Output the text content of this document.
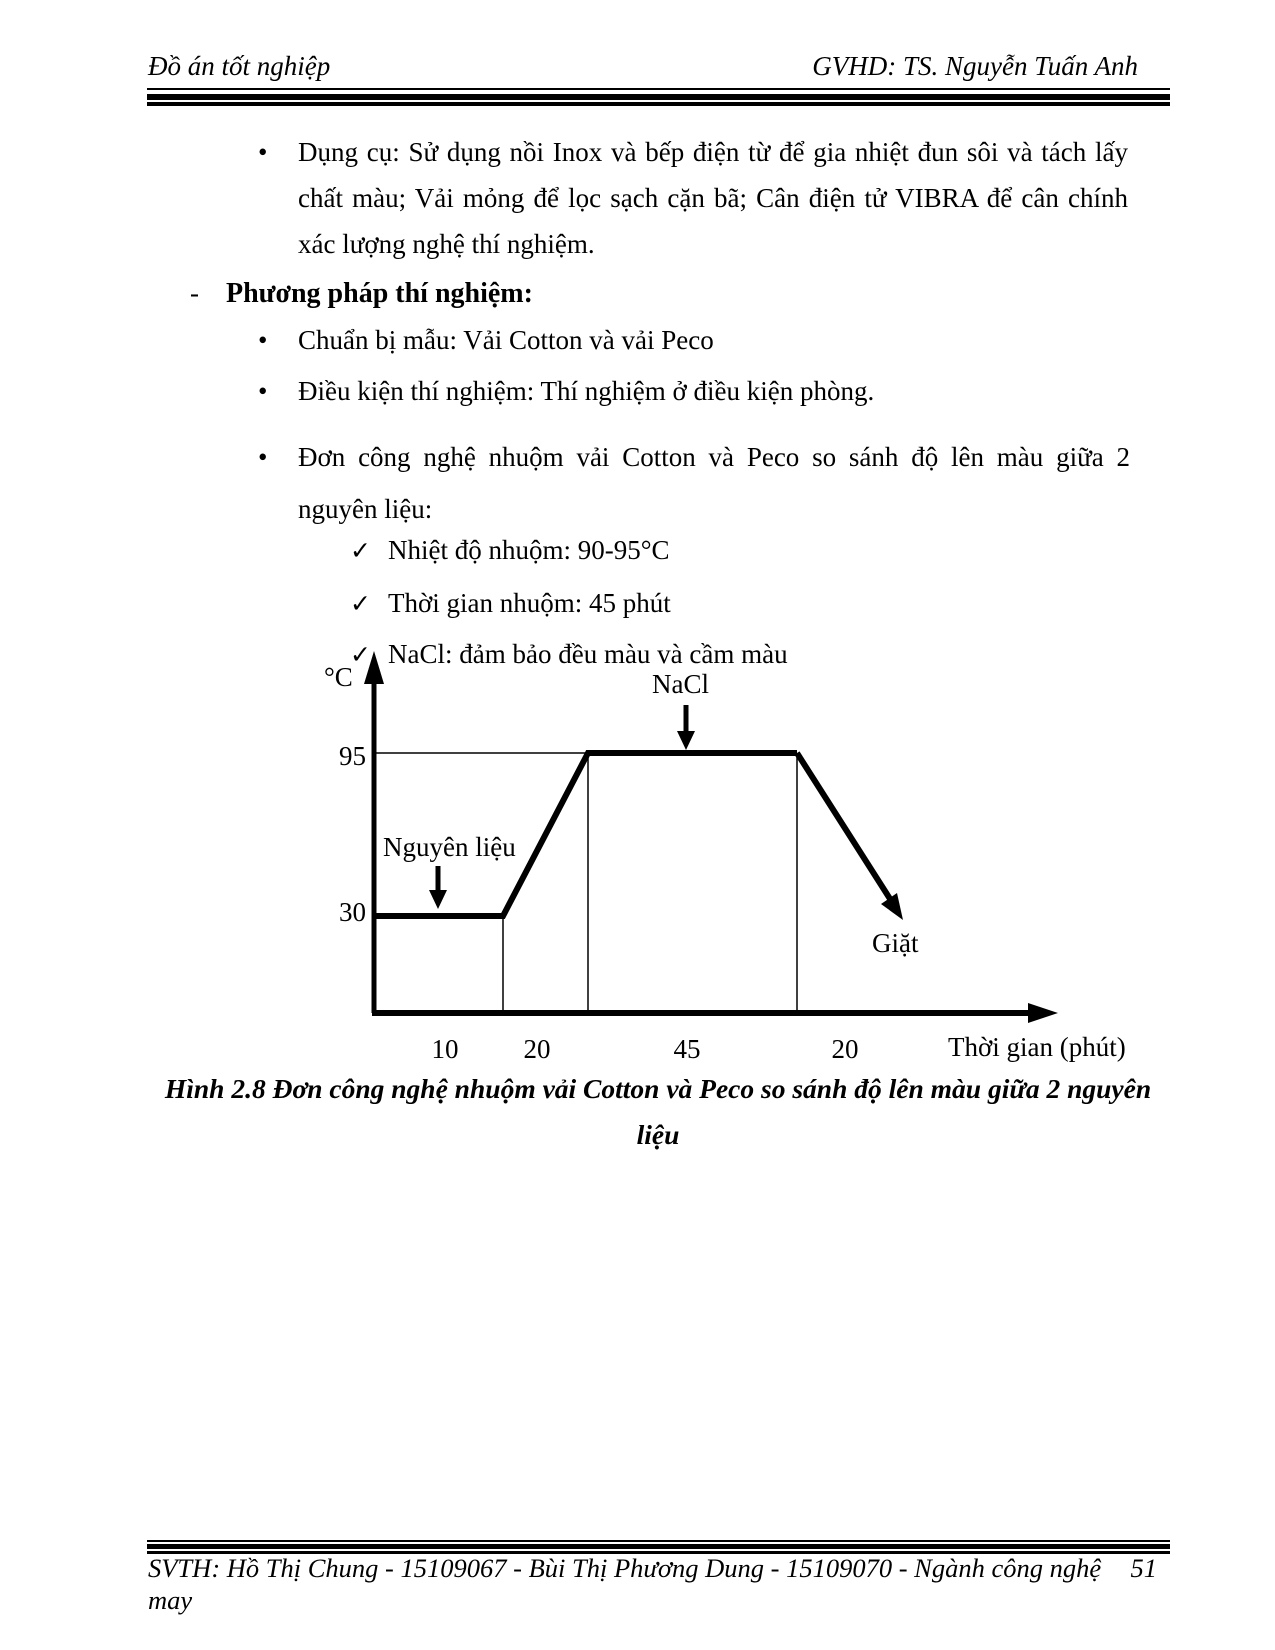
Đồ án tốt nghiệp	GVHD: TS. Nguyễn Tuấn Anh
•	Dụng cụ: Sử dụng nồi Inox và bếp điện từ để gia nhiệt đun sôi và tách lấy chất màu; Vải mỏng để lọc sạch cặn bã; Cân điện tử VIBRA để cân chính xác lượng nghệ thí nghiệm.
- Phương pháp thí nghiệm:
•	Chuẩn bị mẫu: Vải Cotton và vải Peco
•	Điều kiện thí nghiệm: Thí nghiệm ở điều kiện phòng.
•	Đơn công nghệ nhuộm vải Cotton và Peco so sánh độ lên màu giữa 2 nguyên liệu:
✓ Nhiệt độ nhuộm: 90-95°C
✓ Thời gian nhuộm: 45 phút
✓ NaCl: đảm bảo đều màu và cầm màu
°C
95
30
NaCl
Nguyên liệu
Giặt
10	20	45	20	Thời gian (phút)
Hình 2.8 Đơn công nghệ nhuộm vải Cotton và Peco so sánh độ lên màu giữa 2 nguyên
liệu
SVTH: Hồ Thị Chung - 15109067 - Bùi Thị Phương Dung - 15109070 - Ngành công nghệ may
51
